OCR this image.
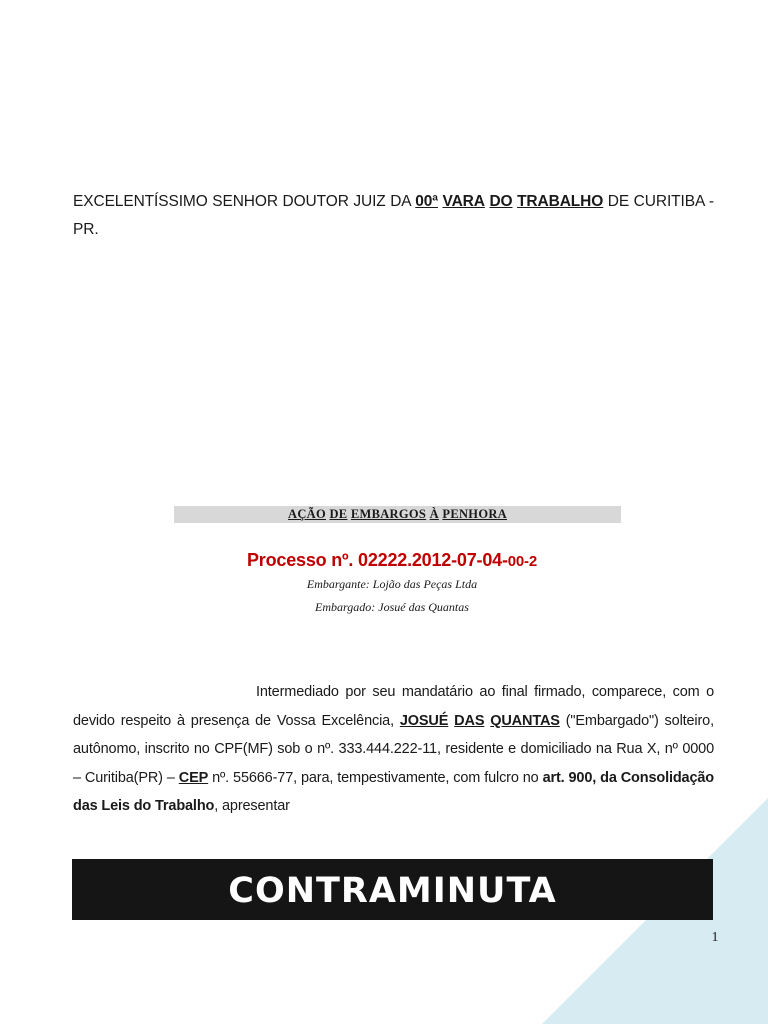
EXCELENTÍSSIMO SENHOR DOUTOR JUIZ DA 00ª VARA DO TRABALHO DE CURITIBA - PR.
AÇÃO DE EMBARGOS À PENHORA
Processo nº. 02222.2012-07-04-00-2
Embargante: Lojão das Peças Ltda
Embargado: Josué das Quantas
Intermediado por seu mandatário ao final firmado, comparece, com o devido respeito à presença de Vossa Excelência, JOSUÉ DAS QUANTAS ("Embargado") solteiro, autônomo, inscrito no CPF(MF) sob o nº. 333.444.222-11, residente e domiciliado na Rua X, nº 0000 – Curitiba(PR) – CEP nº. 55666-77, para, tempestivamente, com fulcro no art. 900, da Consolidação das Leis do Trabalho, apresentar
CONTRAMINUTA
1
